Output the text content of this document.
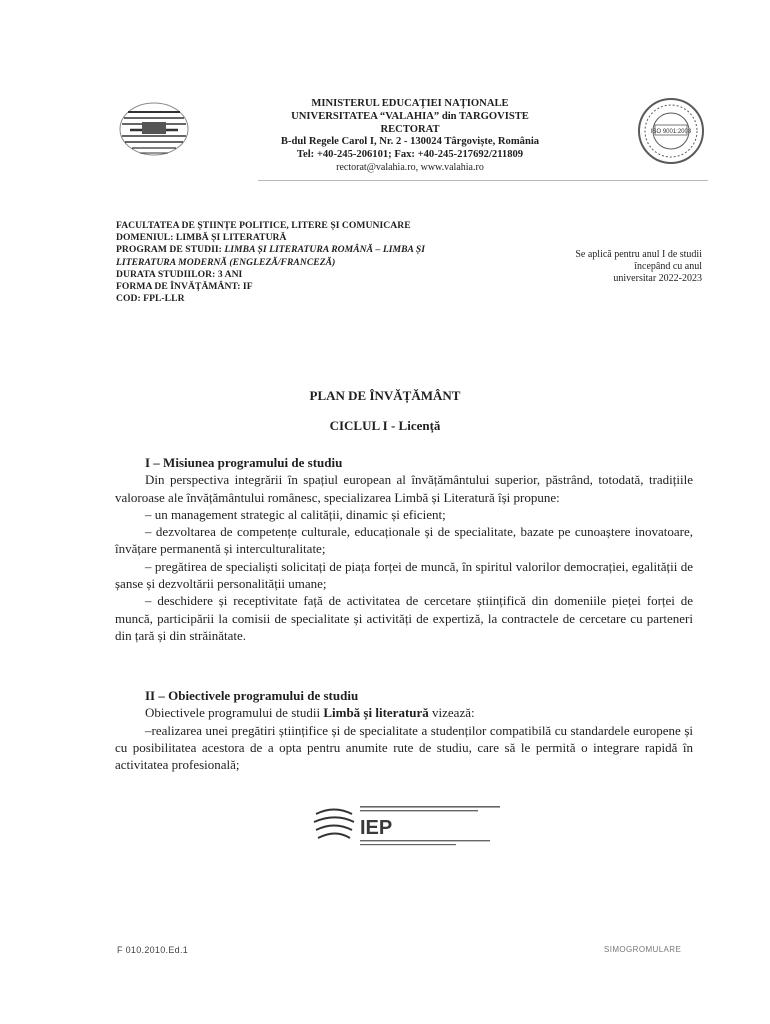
MINISTERUL EDUCAȚIEI NAȚIONALE
UNIVERSITATEA “VALAHIA” din TARGOVISTE
RECTORAT
B-dul Regele Carol I, Nr. 2 - 130024 Târgoviște, România
Tel: +40-245-206101; Fax: +40-245-217692/211809
rectorat@valahia.ro, www.valahia.ro
ISO 9001:2008
FACULTATEA DE ȘTIINȚE POLITICE, LITERE ȘI COMUNICARE
DOMENIUL: LIMBĂ ȘI LITERATURĂ
PROGRAM DE STUDII: LIMBA ȘI LITERATURA ROMÂNĂ – LIMBA ȘI
LITERATURA MODERNĂ (ENGLEZĂ/FRANCEZĂ)
DURATA STUDIILOR: 3 ANI
FORMA DE ÎNVĂȚĂMÂNT: IF
COD: FPL-LLR
Se aplică pentru anul I de studii
începând cu anul
universitar 2022-2023
PLAN DE ÎNVĂȚĂMÂNT
CICLUL I - Licență

I – Misiunea programului de studiu

Din perspectiva integrării în spațiul european al învățământului superior, păstrând, totodată, tradițiile valoroase ale învățământului românesc, specializarea Limbă și Literatură își propune:

– un management strategic al calității, dinamic și eficient;

– dezvoltarea de competențe culturale, educaționale și de specialitate, bazate pe cunoaștere inovatoare, învățare permanentă și interculturalitate;

– pregătirea de specialiști solicitați de piața forței de muncă, în spiritul valorilor democrației, egalității de șanse și dezvoltării personalității umane;

– deschidere și receptivitate față de activitatea de cercetare științifică din domeniile pieței forței de muncă, participării la comisii de specialitate și activități de expertiză, la contractele de cercetare cu parteneri din țară și din străinătate.

II – Obiectivele programului de studiu

Obiectivele programului de studii Limbă și literatură vizează:

–realizarea unei pregătiri științifice și de specialitate a studenților compatibilă cu standardele europene și cu posibilitatea acestora de a opta pentru anumite rute de studiu, care să le permită o integrare rapidă în activitatea profesională;

IEP
F 010.2010.Ed.1	SIMOGROMULARE
